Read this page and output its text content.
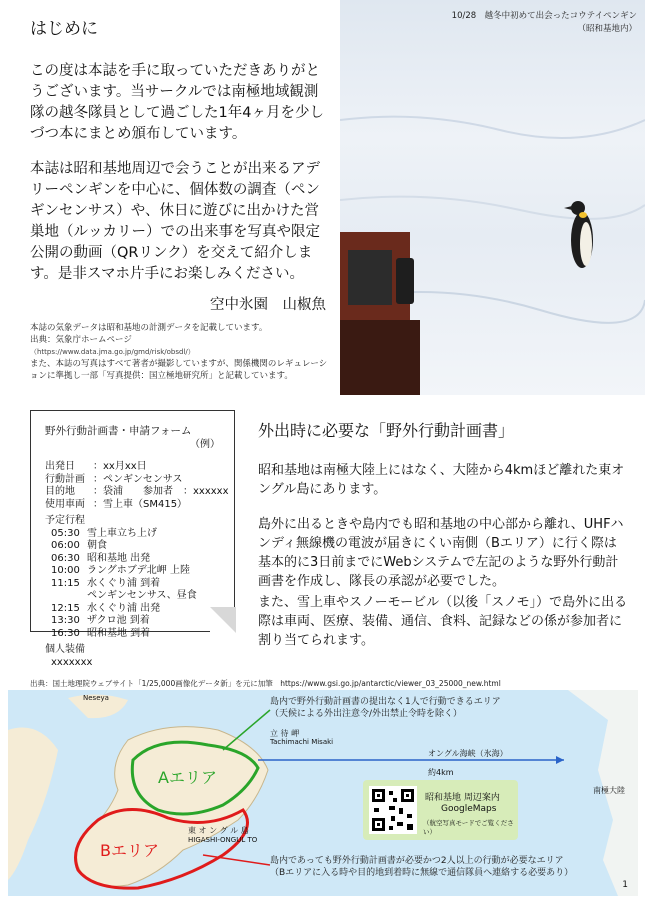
はじめに

この度は本誌を手に取っていただきありがとうございます。当サークルでは南極地域観測隊の越冬隊員として過ごした1年4ヶ月を少しづつ本にまとめ頒布しています。

本誌は昭和基地周辺で会うことが出来るアデリーペンギンを中心に、個体数の調査（ペンギンセンサス）や、休日に遊びに出かけた営巣地（ルッカリー）での出来事を写真や限定公開の動画（QRリンク）を交えて紹介します。是非スマホ片手にお楽しみください。

空中氷園　山椒魚
本誌の気象データは昭和基地の計測データを記載しています。
出典：気象庁ホームページ
（https://www.data.jma.go.jp/gmd/risk/obsdl/）
また、本誌の写真はすべて著者が撮影していますが、関係機関のレギュレーションに準拠し一部「写真提供：国立極地研究所」と記載しています。
10/28　越冬中初めて出会ったコウテイペンギン
（昭和基地内）
野外行動計画書・申請フォーム
（例）
出発日	：xx月xx日
行動計画 ：ペンギンセンサス
目的地	：袋浦　　参加者　：xxxxxx
使用車両 ：雪上車（SM415）
予定行程
05:30 雪上車立ち上げ
06:00 朝食
06:30 昭和基地 出発
10:00 ラングホブデ北岬 上陸
11:15 水くぐり浦 到着
ペンギンセンサス、昼食
12:15 水くぐり浦 出発
13:30 ザクロ池 到着
16:30 昭和基地 到着
個人装備
xxxxxxx
外出時に必要な「野外行動計画書」

昭和基地は南極大陸上にはなく、大陸から4kmほど離れた東オングル島にあります。

島外に出るときや島内でも昭和基地の中心部から離れ、UHFハンディ無線機の電波が届きにくい南側（Bエリア）に行く際は基本的に3日前までにWebシステムで左記のような野外行動計画書を作成し、隊長の承認が必要でした。

また、雪上車やスノーモービル（以後「スノモ」）で島外に出る際は車両、医療、装備、通信、食料、記録などの係が参加者に割り当てられます。

出典：国土地理院ウェブサイト「1/25,000画像化データ新」を元に加筆　https://www.gsi.go.jp/antarctic/viewer_03_25000_new.html
島内で野外行動計画書の提出なく1人で行動できるエリア
（天候による外出注意令/外出禁止令時を除く）
島内であっても野外行動計画書が必要かつ2人以上の行動が必要なエリア
（Bエリアに入る時や目的地到着時に無線で通信隊員へ連絡する必要あり）
Aエリア
Bエリア
オングル海峡（氷海）
約4km
南極大陸
東 オ ン グ ル 島
HIGASHI-ONGUL TO
立 待 岬
Tachimachi Misaki
Neseya
昭和基地 周辺案内
GoogleMaps
（航空写真モードでご覧ください）
1
